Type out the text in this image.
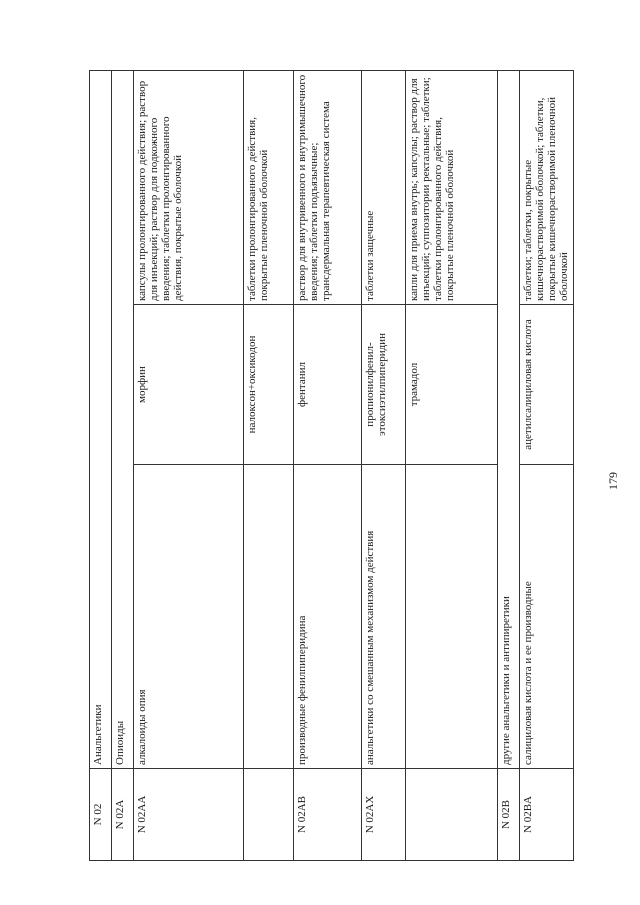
N 02	Анальгетики		
N 02A	Опиоиды		
N 02AA	алкалоиды опия	морфин	капсулы пролонгированного действия; раствор для инъекций; раствор для подкожного введения; таблетки пролонгированного действия, покрытые оболочкой
		налоксон+оксикодон	таблетки пролонгированного действия, покрытые пленочной оболочкой
N 02AB	производные фенилпиперидина	фентанил	раствор для внутривенного и внутримышечного введения; таблетки подъязычные; трансдермальная терапевтическая система
N 02AX	анальгетики со смешанным механизмом действия	пропионилфенил-этоксиэтилпиперидин	таблетки защечные
		трамадол	капли для приема внутрь; капсулы; раствор для инъекций; суппозитории ректальные; таблетки; таблетки пролонгированного действия, покрытые пленочной оболочкой
N 02B	другие анальгетики и антипиретики		
N 02BA	салициловая кислота и ее производные	ацетилсалициловая кислота	таблетки; таблетки, покрытые кишечнорастворимой оболочкой; таблетки, покрытые кишечнорастворимой пленочной оболочкой
179
